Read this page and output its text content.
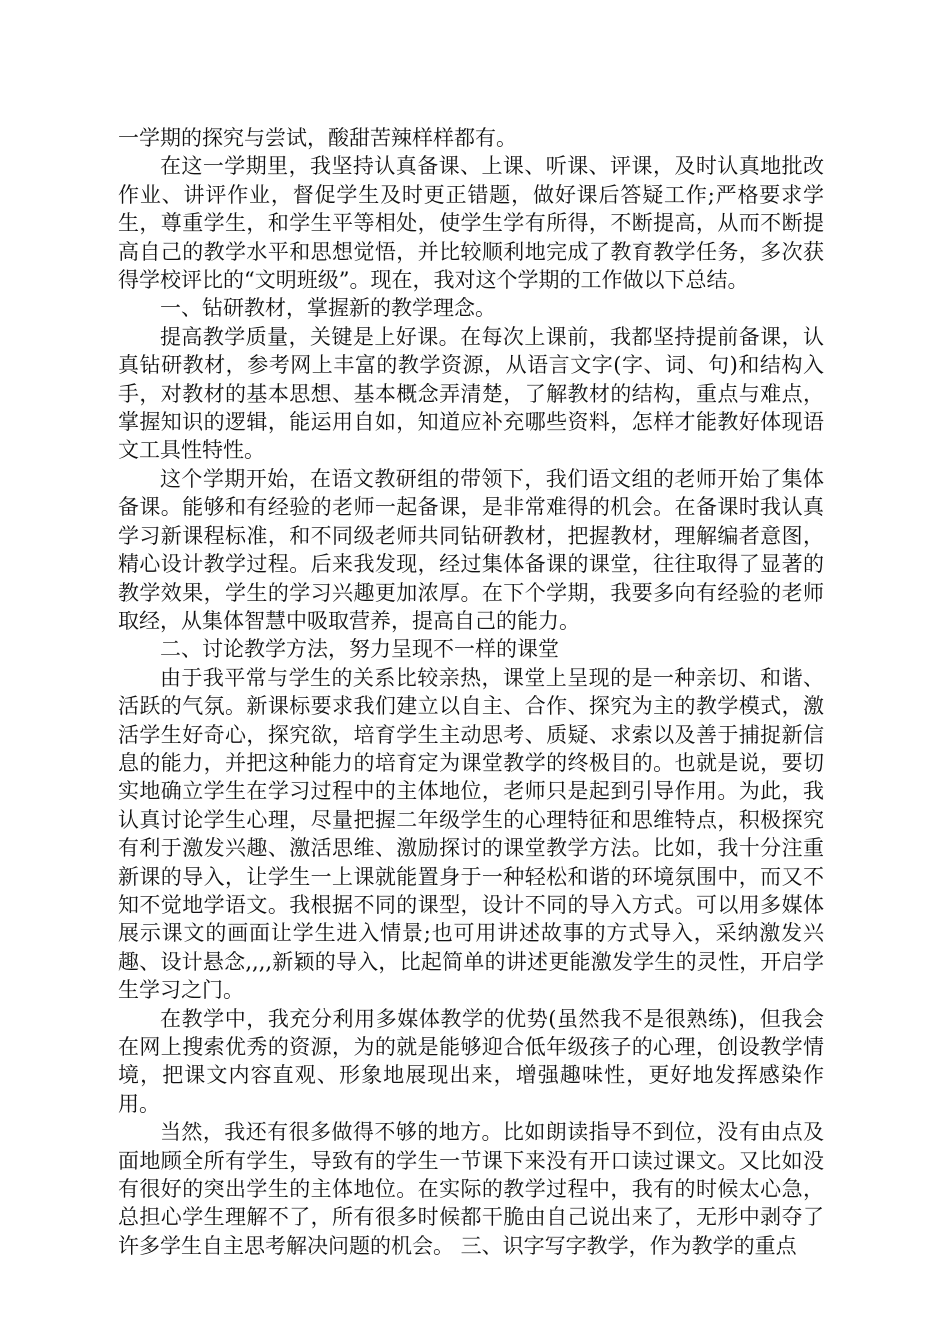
一学期的探究与尝试，酸甜苦辣样样都有。

在这一学期里，我坚持认真备课、上课、听课、评课，及时认真地批改作业、讲评作业，督促学生及时更正错题，做好课后答疑工作;严格要求学生，尊重学生，和学生平等相处，使学生学有所得，不断提高，从而不断提高自己的教学水平和思想觉悟，并比较顺利地完成了教育教学任务，多次获得学校评比的“文明班级”。现在，我对这个学期的工作做以下总结。

一、钻研教材，掌握新的教学理念。

提高教学质量，关键是上好课。在每次上课前，我都坚持提前备课，认真钻研教材，参考网上丰富的教学资源，从语言文字(字、词、句)和结构入手，对教材的基本思想、基本概念弄清楚，了解教材的结构，重点与难点，掌握知识的逻辑，能运用自如，知道应补充哪些资料，怎样才能教好体现语文工具性特性。

这个学期开始，在语文教研组的带领下，我们语文组的老师开始了集体备课。能够和有经验的老师一起备课，是非常难得的机会。在备课时我认真学习新课程标准，和不同级老师共同钻研教材，把握教材，理解编者意图，精心设计教学过程。后来我发现，经过集体备课的课堂，往往取得了显著的教学效果，学生的学习兴趣更加浓厚。在下个学期，我要多向有经验的老师取经，从集体智慧中吸取营养，提高自己的能力。

二、讨论教学方法，努力呈现不一样的课堂

由于我平常与学生的关系比较亲热，课堂上呈现的是一种亲切、和谐、活跃的气氛。新课标要求我们建立以自主、合作、探究为主的教学模式，激活学生好奇心，探究欲，培育学生主动思考、质疑、求索以及善于捕捉新信息的能力，并把这种能力的培育定为课堂教学的终极目的。也就是说，要切实地确立学生在学习过程中的主体地位，老师只是起到引导作用。为此，我认真讨论学生心理，尽量把握二年级学生的心理特征和思维特点，积极探究有利于激发兴趣、激活思维、激励探讨的课堂教学方法。比如，我十分注重新课的导入，让学生一上课就能置身于一种轻松和谐的环境氛围中，而又不知不觉地学语文。我根据不同的课型，设计不同的导入方式。可以用多媒体展示课文的画面让学生进入情景;也可用讲述故事的方式导入，采纳激发兴趣、设计悬念,,,,新颖的导入，比起简单的讲述更能激发学生的灵性，开启学生学习之门。

在教学中，我充分利用多媒体教学的优势(虽然我不是很熟练)，但我会在网上搜索优秀的资源，为的就是能够迎合低年级孩子的心理，创设教学情境，把课文内容直观、形象地展现出来，增强趣味性，更好地发挥感染作用。

当然，我还有很多做得不够的地方。比如朗读指导不到位，没有由点及面地顾全所有学生，导致有的学生一节课下来没有开口读过课文。又比如没有很好的突出学生的主体地位。在实际的教学过程中，我有的时候太心急，总担心学生理解不了，所有很多时候都干脆由自己说出来了，无形中剥夺了许多学生自主思考解决问题的机会。 三、识字写字教学，作为教学的重点
